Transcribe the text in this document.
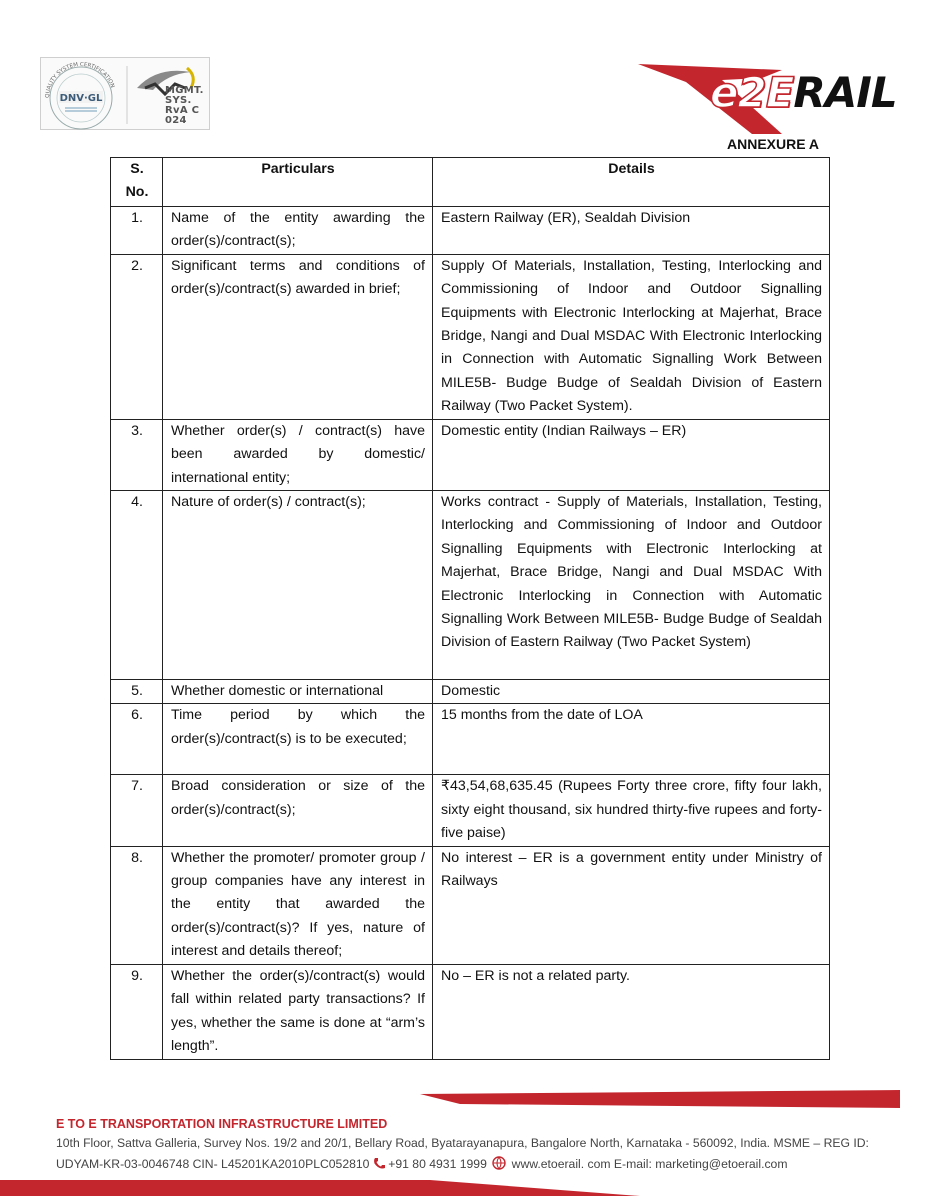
QUALITY SYSTEM CERTIFICATION
DNV·GL
MGMT. SYS.
RvA C 024
e2ERAIL
ANNEXURE A
S. No.	Particulars	Details
1.	Name of the entity awarding the order(s)/contract(s);	Eastern Railway (ER), Sealdah Division
2.	Significant terms and conditions of order(s)/contract(s) awarded in brief;	Supply Of Materials, Installation, Testing, Interlocking and Commissioning of Indoor and Outdoor Signalling Equipments with Electronic Interlocking at Majerhat, Brace Bridge, Nangi and Dual MSDAC With Electronic Interlocking in Connection with Automatic Signalling Work Between MILE5B- Budge Budge of Sealdah Division of Eastern Railway (Two Packet System).
3.	Whether order(s) / contract(s) have been awarded by domestic/ international entity;	Domestic entity (Indian Railways – ER)
4.	Nature of order(s) / contract(s);	Works contract - Supply of Materials, Installation, Testing, Interlocking and Commissioning of Indoor and Outdoor Signalling Equipments with Electronic Interlocking at Majerhat, Brace Bridge, Nangi and Dual MSDAC With Electronic Interlocking in Connection with Automatic Signalling Work Between MILE5B- Budge Budge of Sealdah Division of Eastern Railway (Two Packet System)
5.	Whether domestic or international	Domestic
6.	Time period by which the order(s)/contract(s) is to be executed;	15 months from the date of LOA
7.	Broad consideration or size of the order(s)/contract(s);	₹43,54,68,635.45 (Rupees Forty three crore, fifty four lakh, sixty eight thousand, six hundred thirty-five rupees and forty-five paise)
8.	Whether the promoter/ promoter group / group companies have any interest in the entity that awarded the order(s)/contract(s)? If yes, nature of interest and details thereof;	No interest – ER is a government entity under Ministry of Railways
9.	Whether the order(s)/contract(s) would fall within related party transactions? If yes, whether the same is done at “arm’s length”.	No – ER is not a related party.
E TO E TRANSPORTATION INFRASTRUCTURE LIMITED
10th Floor, Sattva Galleria, Survey Nos. 19/2 and 20/1, Bellary Road, Byatarayanapura, Bangalore North, Karnataka - 560092, India. MSME – REG ID:
UDYAM-KR-03-0046748 CIN- L45201KA2010PLC052810 +91 80 4931 1999 www.etoerail. com E-mail: marketing@etoerail.com
